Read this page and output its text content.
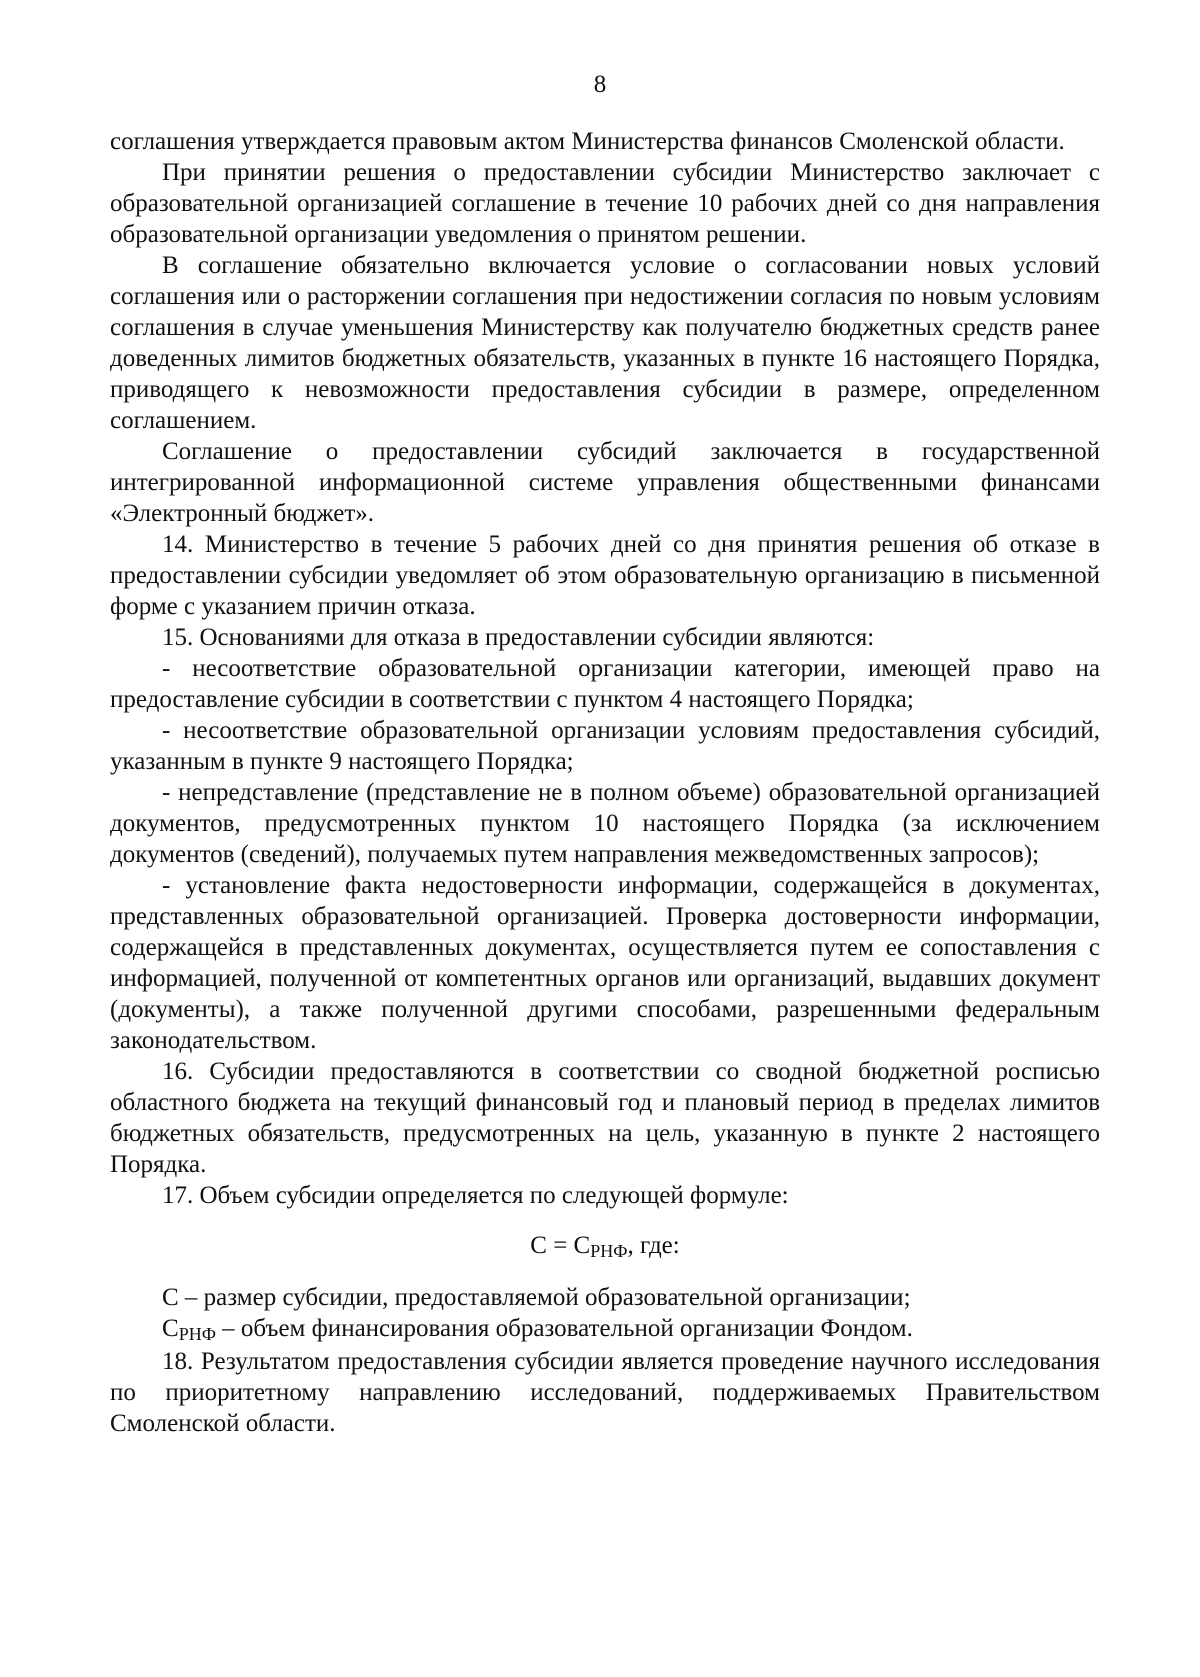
8

соглашения утверждается правовым актом Министерства финансов Смоленской области.

При принятии решения о предоставлении субсидии Министерство заключает с образовательной организацией соглашение в течение 10 рабочих дней со дня направления образовательной организации уведомления о принятом решении.

В соглашение обязательно включается условие о согласовании новых условий соглашения или о расторжении соглашения при недостижении согласия по новым условиям соглашения в случае уменьшения Министерству как получателю бюджетных средств ранее доведенных лимитов бюджетных обязательств, указанных в пункте 16 настоящего Порядка, приводящего к невозможности предоставления субсидии в размере, определенном соглашением.

Соглашение о предоставлении субсидий заключается в государственной интегрированной информационной системе управления общественными финансами «Электронный бюджет».

14. Министерство в течение 5 рабочих дней со дня принятия решения об отказе в предоставлении субсидии уведомляет об этом образовательную организацию в письменной форме с указанием причин отказа.

15. Основаниями для отказа в предоставлении субсидии являются:

- несоответствие образовательной организации категории, имеющей право на предоставление субсидии в соответствии с пунктом 4 настоящего Порядка;

- несоответствие образовательной организации условиям предоставления субсидий, указанным в пункте 9 настоящего Порядка;

- непредставление (представление не в полном объеме) образовательной организацией документов, предусмотренных пунктом 10 настоящего Порядка (за исключением документов (сведений), получаемых путем направления межведомственных запросов);

- установление факта недостоверности информации, содержащейся в документах, представленных образовательной организацией. Проверка достоверности информации, содержащейся в представленных документах, осуществляется путем ее сопоставления с информацией, полученной от компетентных органов или организаций, выдавших документ (документы), а также полученной другими способами, разрешенными федеральным законодательством.

16. Субсидии предоставляются в соответствии со сводной бюджетной росписью областного бюджета на текущий финансовый год и плановый период в пределах лимитов бюджетных обязательств, предусмотренных на цель, указанную в пункте 2 настоящего Порядка.

17. Объем субсидии определяется по следующей формуле:

С = СРНФ, где:

С – размер субсидии, предоставляемой образовательной организации;

СРНФ – объем финансирования образовательной организации Фондом.

18. Результатом предоставления субсидии является проведение научного исследования по приоритетному направлению исследований, поддерживаемых Правительством Смоленской области.
